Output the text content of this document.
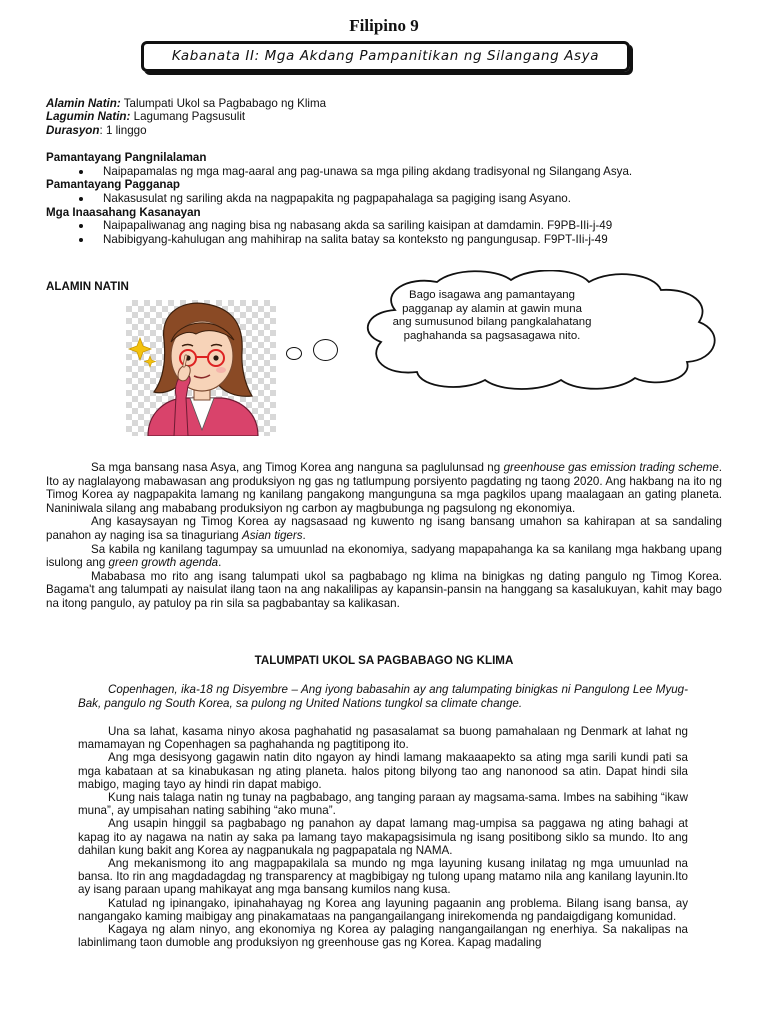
Filipino 9
Kabanata II: Mga Akdang Pampanitikan ng Silangang Asya
Alamin Natin: Talumpati Ukol sa Pagbabago ng Klima
Lagumin Natin: Lagumang Pagsusulit
Durasyon: 1 linggo
Pamantayang Pangnilalaman
Naipapamalas ng mga mag-aaral ang pag-unawa sa mga piling akdang tradisyonal ng Silangang Asya.
Pamantayang Pagganap
Nakasusulat ng sariling akda na nagpapakita ng pagpapahalaga sa pagiging isang Asyano.
Mga Inaasahang Kasanayan
Naipapaliwanag ang naging bisa ng nabasang akda sa sariling kaisipan at damdamin. F9PB-IIi-j-49
Nabibigyang-kahulugan ang mahihirap na salita batay sa konteksto ng pangungusap. F9PT-IIi-j-49
ALAMIN NATIN
Bago isagawa ang pamantayang pagganap ay alamin at gawin muna ang sumusunod bilang pangkalahatang paghahanda sa pagsasagawa nito.

Sa mga bansang nasa Asya, ang Timog Korea ang nanguna sa paglulunsad ng greenhouse gas emission trading scheme. Ito ay naglalayong mabawasan ang produksiyon ng gas ng tatlumpung porsiyento pagdating ng taong 2020. Ang hakbang na ito ng Timog Korea ay nagpapakita lamang ng kanilang pangakong mangunguna sa mga pagkilos upang maalagaan an gating planeta. Naniniwala silang ang mababang produksiyon ng carbon ay magbubunga ng pagsulong ng ekonomiya.

Ang kasaysayan ng Timog Korea ay nagsasaad ng kuwento ng isang bansang umahon sa kahirapan at sa sandaling panahon ay naging isa sa tinaguriang Asian tigers.

Sa kabila ng kanilang tagumpay sa umuunlad na ekonomiya, sadyang mapapahanga ka sa kanilang mga hakbang upang isulong ang green growth agenda.

Mababasa mo rito ang isang talumpati ukol sa pagbabago ng klima na binigkas ng dating pangulo ng Timog Korea. Bagama't ang talumpati ay naisulat ilang taon na ang nakalilipas ay kapansin-pansin na hanggang sa kasalukuyan, kahit may bago na itong pangulo, ay patuloy pa rin sila sa pagbabantay sa kalikasan.

TALUMPATI UKOL SA PAGBABAGO NG KLIMA
Copenhagen, ika-18 ng Disyembre – Ang iyong babasahin ay ang talumpating binigkas ni Pangulong Lee Myug-Bak, pangulo ng South Korea, sa pulong ng United Nations tungkol sa climate change.

Una sa lahat, kasama ninyo akosa paghahatid ng pasasalamat sa buong pamahalaan ng Denmark at lahat ng mamamayan ng Copenhagen sa paghahanda ng pagtitipong ito.

Ang mga desisyong gagawin natin dito ngayon ay hindi lamang makaaapekto sa ating mga sarili kundi pati sa mga kabataan at sa kinabukasan ng ating planeta. halos pitong bilyong tao ang nanonood sa atin. Dapat hindi sila mabigo, maging tayo ay hindi rin dapat mabigo.

Kung nais talaga natin ng tunay na pagbabago, ang tanging paraan ay magsama-sama. Imbes na sabihing “ikaw muna”, ay umpisahan nating sabihing “ako muna”.

Ang usapin hinggil sa pagbabago ng panahon ay dapat lamang mag-umpisa sa paggawa ng ating bahagi at kapag ito ay nagawa na natin ay saka pa lamang tayo makapagsisimula ng isang positibong siklo sa mundo. Ito ang dahilan kung bakit ang Korea ay nagpanukala ng pagpapatala ng NAMA.

Ang mekanismong ito ang magpapakilala sa mundo ng mga layuning kusang inilatag ng mga umuunlad na bansa. Ito rin ang magdadagdag ng transparency at magbibigay ng tulong upang matamo nila ang kanilang layunin.Ito ay isang paraan upang mahikayat ang mga bansang kumilos nang kusa.

Katulad ng ipinangako, ipinahahayag ng Korea ang layuning pagaanin ang problema. Bilang isang bansa, ay nangangako kaming maibigay ang pinakamataas na pangangailangang inirekomenda ng pandaigdigang komunidad.

Kagaya ng alam ninyo, ang ekonomiya ng Korea ay palaging nangangailangan ng enerhiya. Sa nakalipas na labinlimang taon dumoble ang produksiyon ng greenhouse gas ng Korea. Kapag madaling
